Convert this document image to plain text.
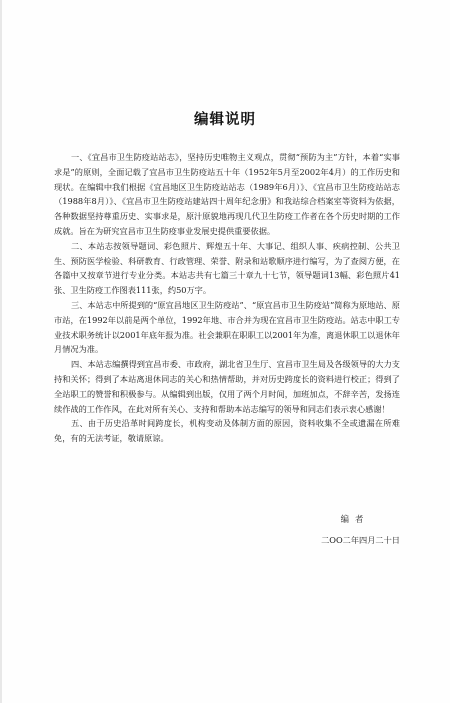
编辑说明

一、《宜昌市卫生防疫站站志》，坚持历史唯物主义观点，贯彻“预防为主”方针，本着“实事求是”的原则，全面记载了宜昌市卫生防疫站五十年（1952年5月至2002年4月）的工作历史和现状。在编辑中我们根据《宜昌地区卫生防疫站站志（1989年6月）》、《宜昌市卫生防疫站站志（1988年8月）》、《宜昌市卫生防疫站建站四十周年纪念册》和我站综合档案室等资料为依据，各种数据坚持尊重历史、实事求是，原汁原貌地再现几代卫生防疫工作者在各个历史时期的工作成就。旨在为研究宜昌市卫生防疫事业发展史提供重要依据。

二、本站志按领导题词、彩色照片、辉煌五十年、大事记、组织人事、疾病控制、公共卫生、预防医学检验、科研教育、行政管理、荣誉、附录和站歌顺序进行编写，为了查阅方便，在各篇中又按章节进行专业分类。本站志共有七篇三十章九十七节，领导题词13幅、彩色照片41张、卫生防疫工作图表111张，约50万字。

三、本站志中所提到的“原宜昌地区卫生防疫站”、“原宜昌市卫生防疫站”简称为原地站、原市站，在1992年以前是两个单位，1992年地、市合并为现在宜昌市卫生防疫站。站志中职工专业技术职务统计以2001年底年报为准。社会兼职在职职工以2001年为准，离退休职工以退休年月情况为准。

四、本站志编撰得到宜昌市委、市政府，湖北省卫生厅、宜昌市卫生局及各级领导的大力支持和关怀；得到了本站离退休同志的关心和热情帮助，并对历史跨度长的资料进行校正；得到了全站职工的赞誉和积极参与。从编辑到出版，仅用了两个月时间，加班加点，不辞辛苦，发扬连续作战的工作作风，在此对所有关心、支持和帮助本站志编写的领导和同志们表示衷心感谢！

五、由于历史沿革时间跨度长，机构变动及体制方面的原因，资料收集不全或遗漏在所难免，有的无法考证，敬请原谅。

编者
二OO二年四月二十日
